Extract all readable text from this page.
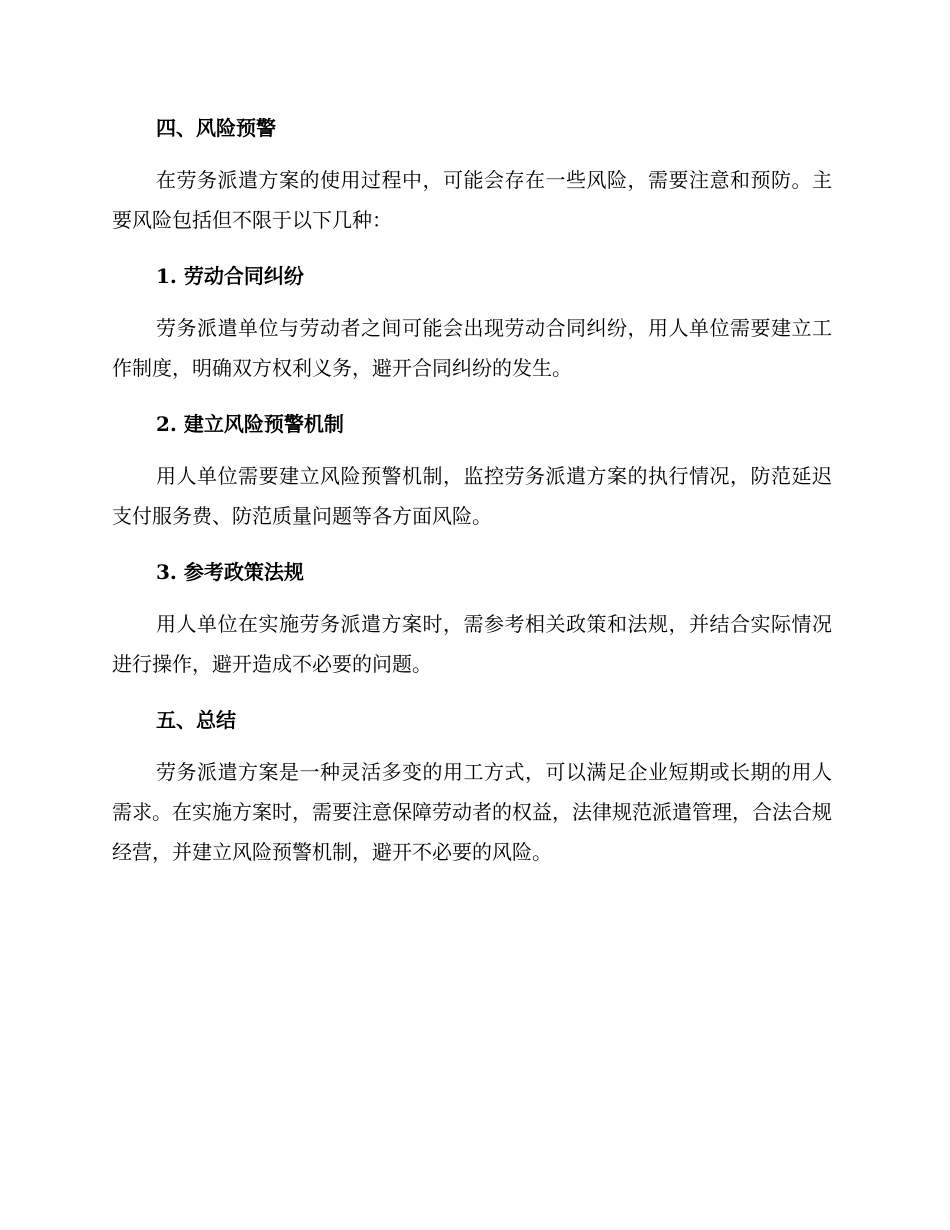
四、风险预警

在劳务派遣方案的使用过程中，可能会存在一些风险，需要注意和预防。主要风险包括但不限于以下几种：

1. 劳动合同纠纷

劳务派遣单位与劳动者之间可能会出现劳动合同纠纷，用人单位需要建立工作制度，明确双方权利义务，避开合同纠纷的发生。

2. 建立风险预警机制

用人单位需要建立风险预警机制，监控劳务派遣方案的执行情况，防范延迟支付服务费、防范质量问题等各方面风险。

3. 参考政策法规

用人单位在实施劳务派遣方案时，需参考相关政策和法规，并结合实际情况进行操作，避开造成不必要的问题。

五、总结

劳务派遣方案是一种灵活多变的用工方式，可以满足企业短期或长期的用人需求。在实施方案时，需要注意保障劳动者的权益，法律规范派遣管理，合法合规经营，并建立风险预警机制，避开不必要的风险。
